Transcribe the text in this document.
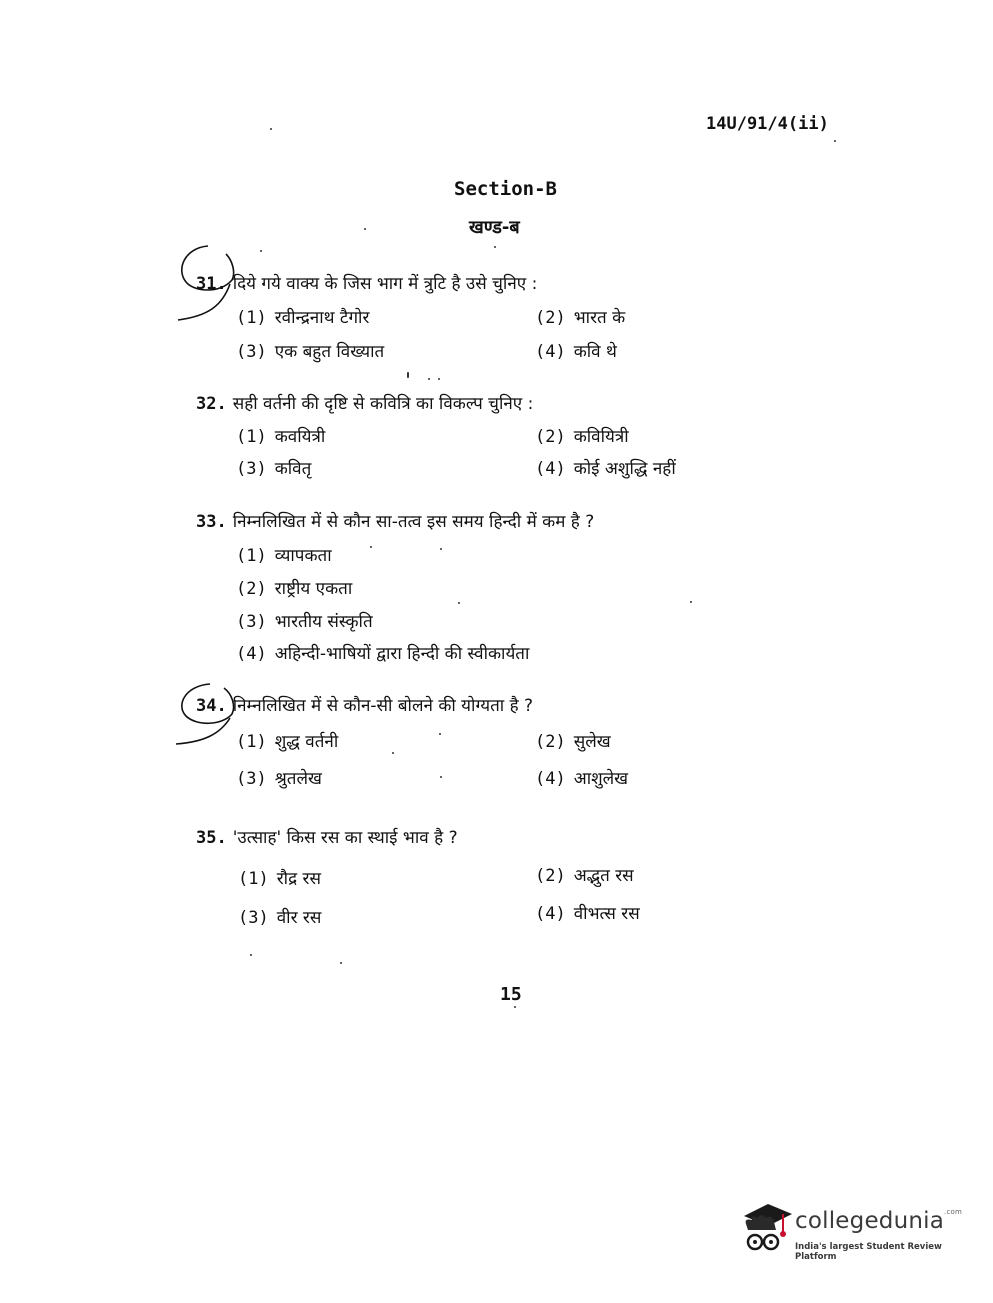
14U/91/4(ii)
Section-B
खण्ड-ब
31. दिये गये वाक्य के जिस भाग में त्रुटि है उसे चुनिए :
(1) रवीन्द्रनाथ टैगोर	(2) भारत के
(3) एक बहुत विख्यात	(4) कवि थे
32. सही वर्तनी की दृष्टि से कवित्रि का विकल्प चुनिए :
(1) कवयित्री	(2) कवियित्री
(3) कवितृ	(4) कोई अशुद्धि नहीं
33. निम्नलिखित में से कौन सा-तत्व इस समय हिन्दी में कम है ?
(1) व्यापकता
(2) राष्ट्रीय एकता
(3) भारतीय संस्कृति
(4) अहिन्दी-भाषियों द्वारा हिन्दी की स्वीकार्यता
34. निम्नलिखित में से कौन-सी बोलने की योग्यता है ?
(1) शुद्ध वर्तनी	(2) सुलेख
(3) श्रुतलेख	(4) आशुलेख
35. 'उत्साह' किस रस का स्थाई भाव है ?
(1) रौद्र रस	(2) अद्भुत रस
(3) वीर रस	(4) वीभत्स रस
15
collegedunia$^{.com}$
India's largest Student Review Platform
